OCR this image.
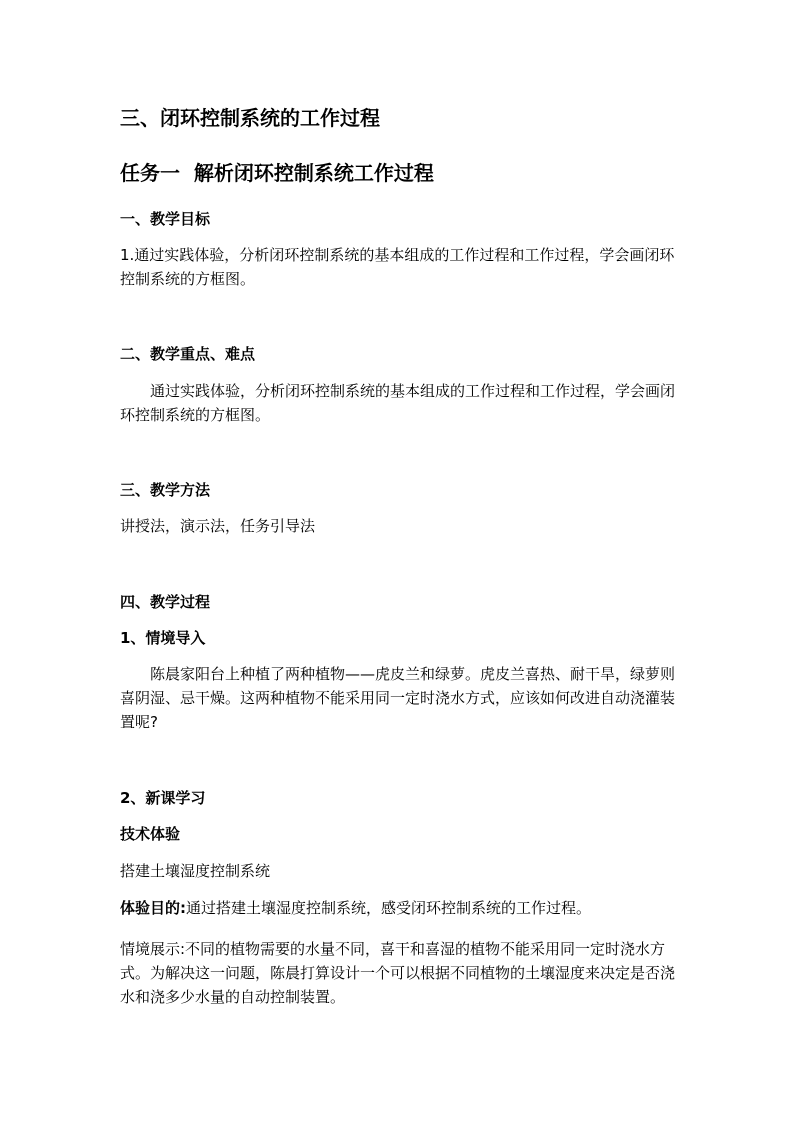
三、闭环控制系统的工作过程
任务一  解析闭环控制系统工作过程
一、教学目标
1.通过实践体验，分析闭环控制系统的基本组成的工作过程和工作过程，学会画闭环控制系统的方框图。
二、教学重点、难点
通过实践体验，分析闭环控制系统的基本组成的工作过程和工作过程，学会画闭环控制系统的方框图。
三、教学方法
讲授法，演示法，任务引导法
四、教学过程
1、情境导入
陈晨家阳台上种植了两种植物——虎皮兰和绿萝。虎皮兰喜热、耐干旱，绿萝则喜阴湿、忌干燥。这两种植物不能采用同一定时浇水方式，应该如何改进自动浇灌装置呢?
2、新课学习
技术体验
搭建土壤湿度控制系统
体验目的:通过搭建土壤湿度控制系统，感受闭环控制系统的工作过程。
情境展示:不同的植物需要的水量不同，喜干和喜湿的植物不能采用同一定时浇水方式。为解决这一问题，陈晨打算设计一个可以根据不同植物的土壤湿度来决定是否浇水和浇多少水量的自动控制装置。
